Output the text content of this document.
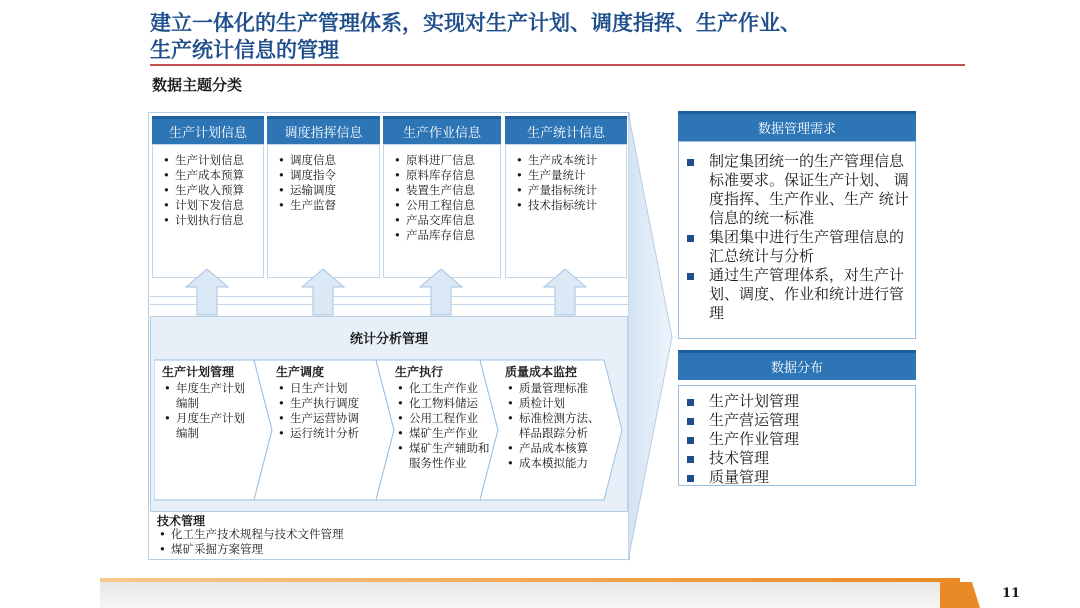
建立一体化的生产管理体系，实现对生产计划、调度指挥、生产作业、
生产统计信息的管理
数据主题分类
生产计划信息	调度指挥信息	生产作业信息	生产统计信息
• 生产计划信息
• 生产成本预算
• 生产收入预算
• 计划下发信息
• 计划执行信息
• 调度信息
• 调度指令
• 运输调度
• 生产监督
• 原料进厂信息
• 原料库存信息
• 装置生产信息
• 公用工程信息
• 产品交库信息
• 产品库存信息
• 生产成本统计
• 生产量统计
• 产量指标统计
• 技术指标统计
统计分析管理
生产计划管理
• 年度生产计划编制
• 月度生产计划编制
生产调度
• 日生产计划
• 生产执行调度
• 生产运营协调
• 运行统计分析
生产执行
• 化工生产作业
• 化工物料储运
• 公用工程作业
• 煤矿生产作业
• 煤矿生产辅助和服务性作业
质量成本监控
• 质量管理标准
• 质检计划
• 标准检测方法、样品跟踪分析
• 产品成本核算
• 成本模拟能力
技术管理
• 化工生产技术规程与技术文件管理
• 煤矿采掘方案管理
数据管理需求
制定集团统一的生产管理信息标准要求。保证生产计划、 调度指挥、生产作业、生产 统计信息的统一标准
集团集中进行生产管理信息的汇总统计与分析
通过生产管理体系，对生产计划、调度、作业和统计进行管理
数据分布
生产计划管理
生产营运管理
生产作业管理
技术管理
质量管理
11
